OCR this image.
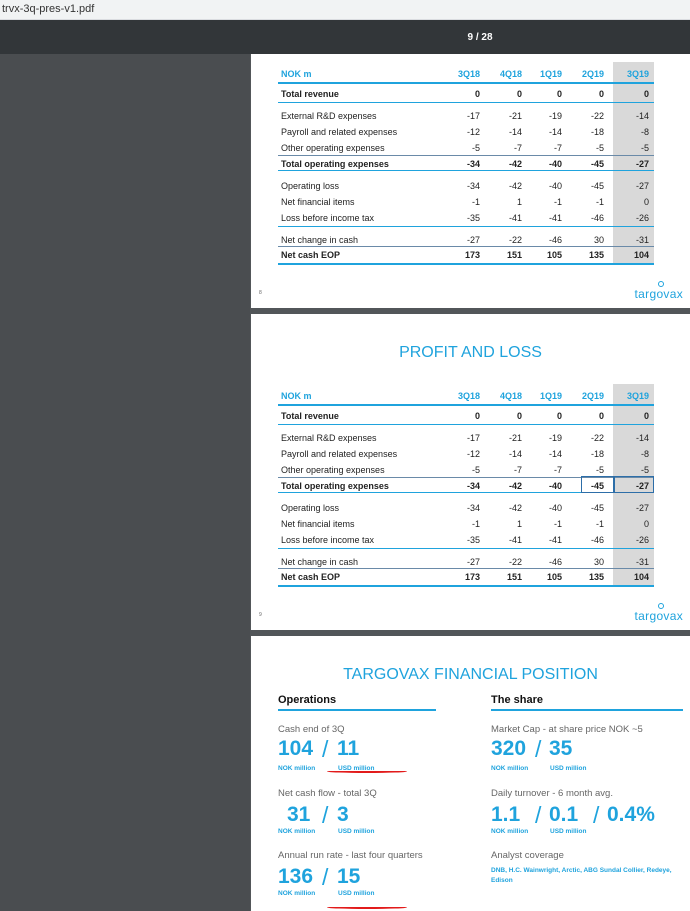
trvx-3q-pres-v1.pdf
9 / 28
NOK m	3Q18	4Q18	1Q19	2Q19	3Q19
Total revenue	0	0	0	0	0
External R&D expenses	-17	-21	-19	-22	-14
Payroll and related expenses	-12	-14	-14	-18	-8
Other operating expenses	-5	-7	-7	-5	-5
Total operating expenses	-34	-42	-40	-45	-27
Operating loss	-34	-42	-40	-45	-27
Net financial items	-1	1	-1	-1	0
Loss before income tax	-35	-41	-41	-46	-26
Net change in cash	-27	-22	-46	30	-31
Net cash EOP	173	151	105	135	104
8	targovax
PROFIT AND LOSS
NOK m	3Q18	4Q18	1Q19	2Q19	3Q19
Total revenue	0	0	0	0	0
External R&D expenses	-17	-21	-19	-22	-14
Payroll and related expenses	-12	-14	-14	-18	-8
Other operating expenses	-5	-7	-7	-5	-5
Total operating expenses	-34	-42	-40	-45	-27
Operating loss	-34	-42	-40	-45	-27
Net financial items	-1	1	-1	-1	0
Loss before income tax	-35	-41	-41	-46	-26
Net change in cash	-27	-22	-46	30	-31
Net cash EOP	173	151	105	135	104
9	targovax
TARGOVAX FINANCIAL POSITION
Operations	The share
Cash end of 3Q
104 / 11
NOK million	USD million
Net cash flow - total 3Q
31 / 3
NOK million	USD million
Annual run rate - last four quarters
136 / 15
NOK million	USD million
Market Cap - at share price NOK ~5
320 / 35
NOK million	USD million
Daily turnover - 6 month avg.
1.1 / 0.1 / 0.4%
NOK million	USD million
Analyst coverage
DNB, H.C. Wainwright, Arctic, ABG Sundal Collier, Redeye, Edison
